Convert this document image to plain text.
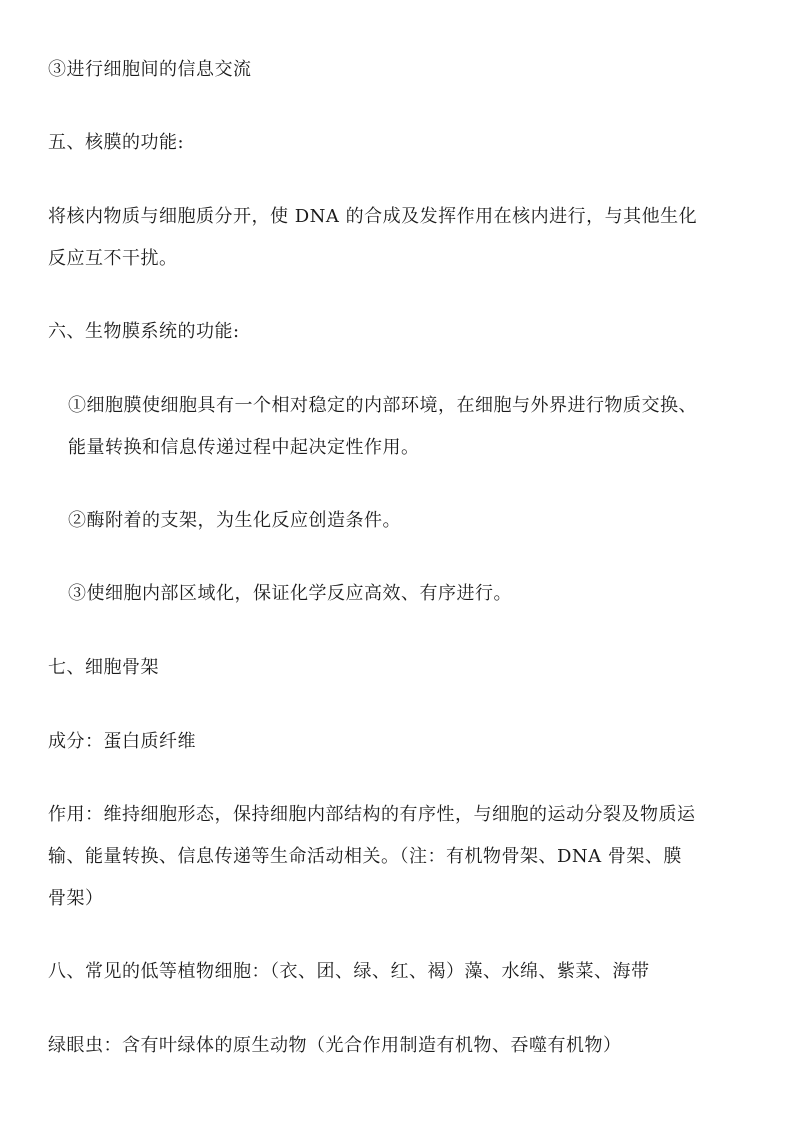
③进行细胞间的信息交流
五、核膜的功能:
将核内物质与细胞质分开，使 DNA 的合成及发挥作用在核内进行，与其他生化
反应互不干扰。
六、生物膜系统的功能:
①细胞膜使细胞具有一个相对稳定的内部环境，在细胞与外界进行物质交换、
能量转换和信息传递过程中起决定性作用。
②酶附着的支架，为生化反应创造条件。
③使细胞内部区域化，保证化学反应高效、有序进行。
七、细胞骨架
成分：蛋白质纤维
作用：维持细胞形态，保持细胞内部结构的有序性，与细胞的运动分裂及物质运
输、能量转换、信息传递等生命活动相关。（注：有机物骨架、DNA 骨架、膜
骨架）
八、常见的低等植物细胞：（衣、团、绿、红、褐）藻、水绵、紫菜、海带
绿眼虫：含有叶绿体的原生动物（光合作用制造有机物、吞噬有机物）
